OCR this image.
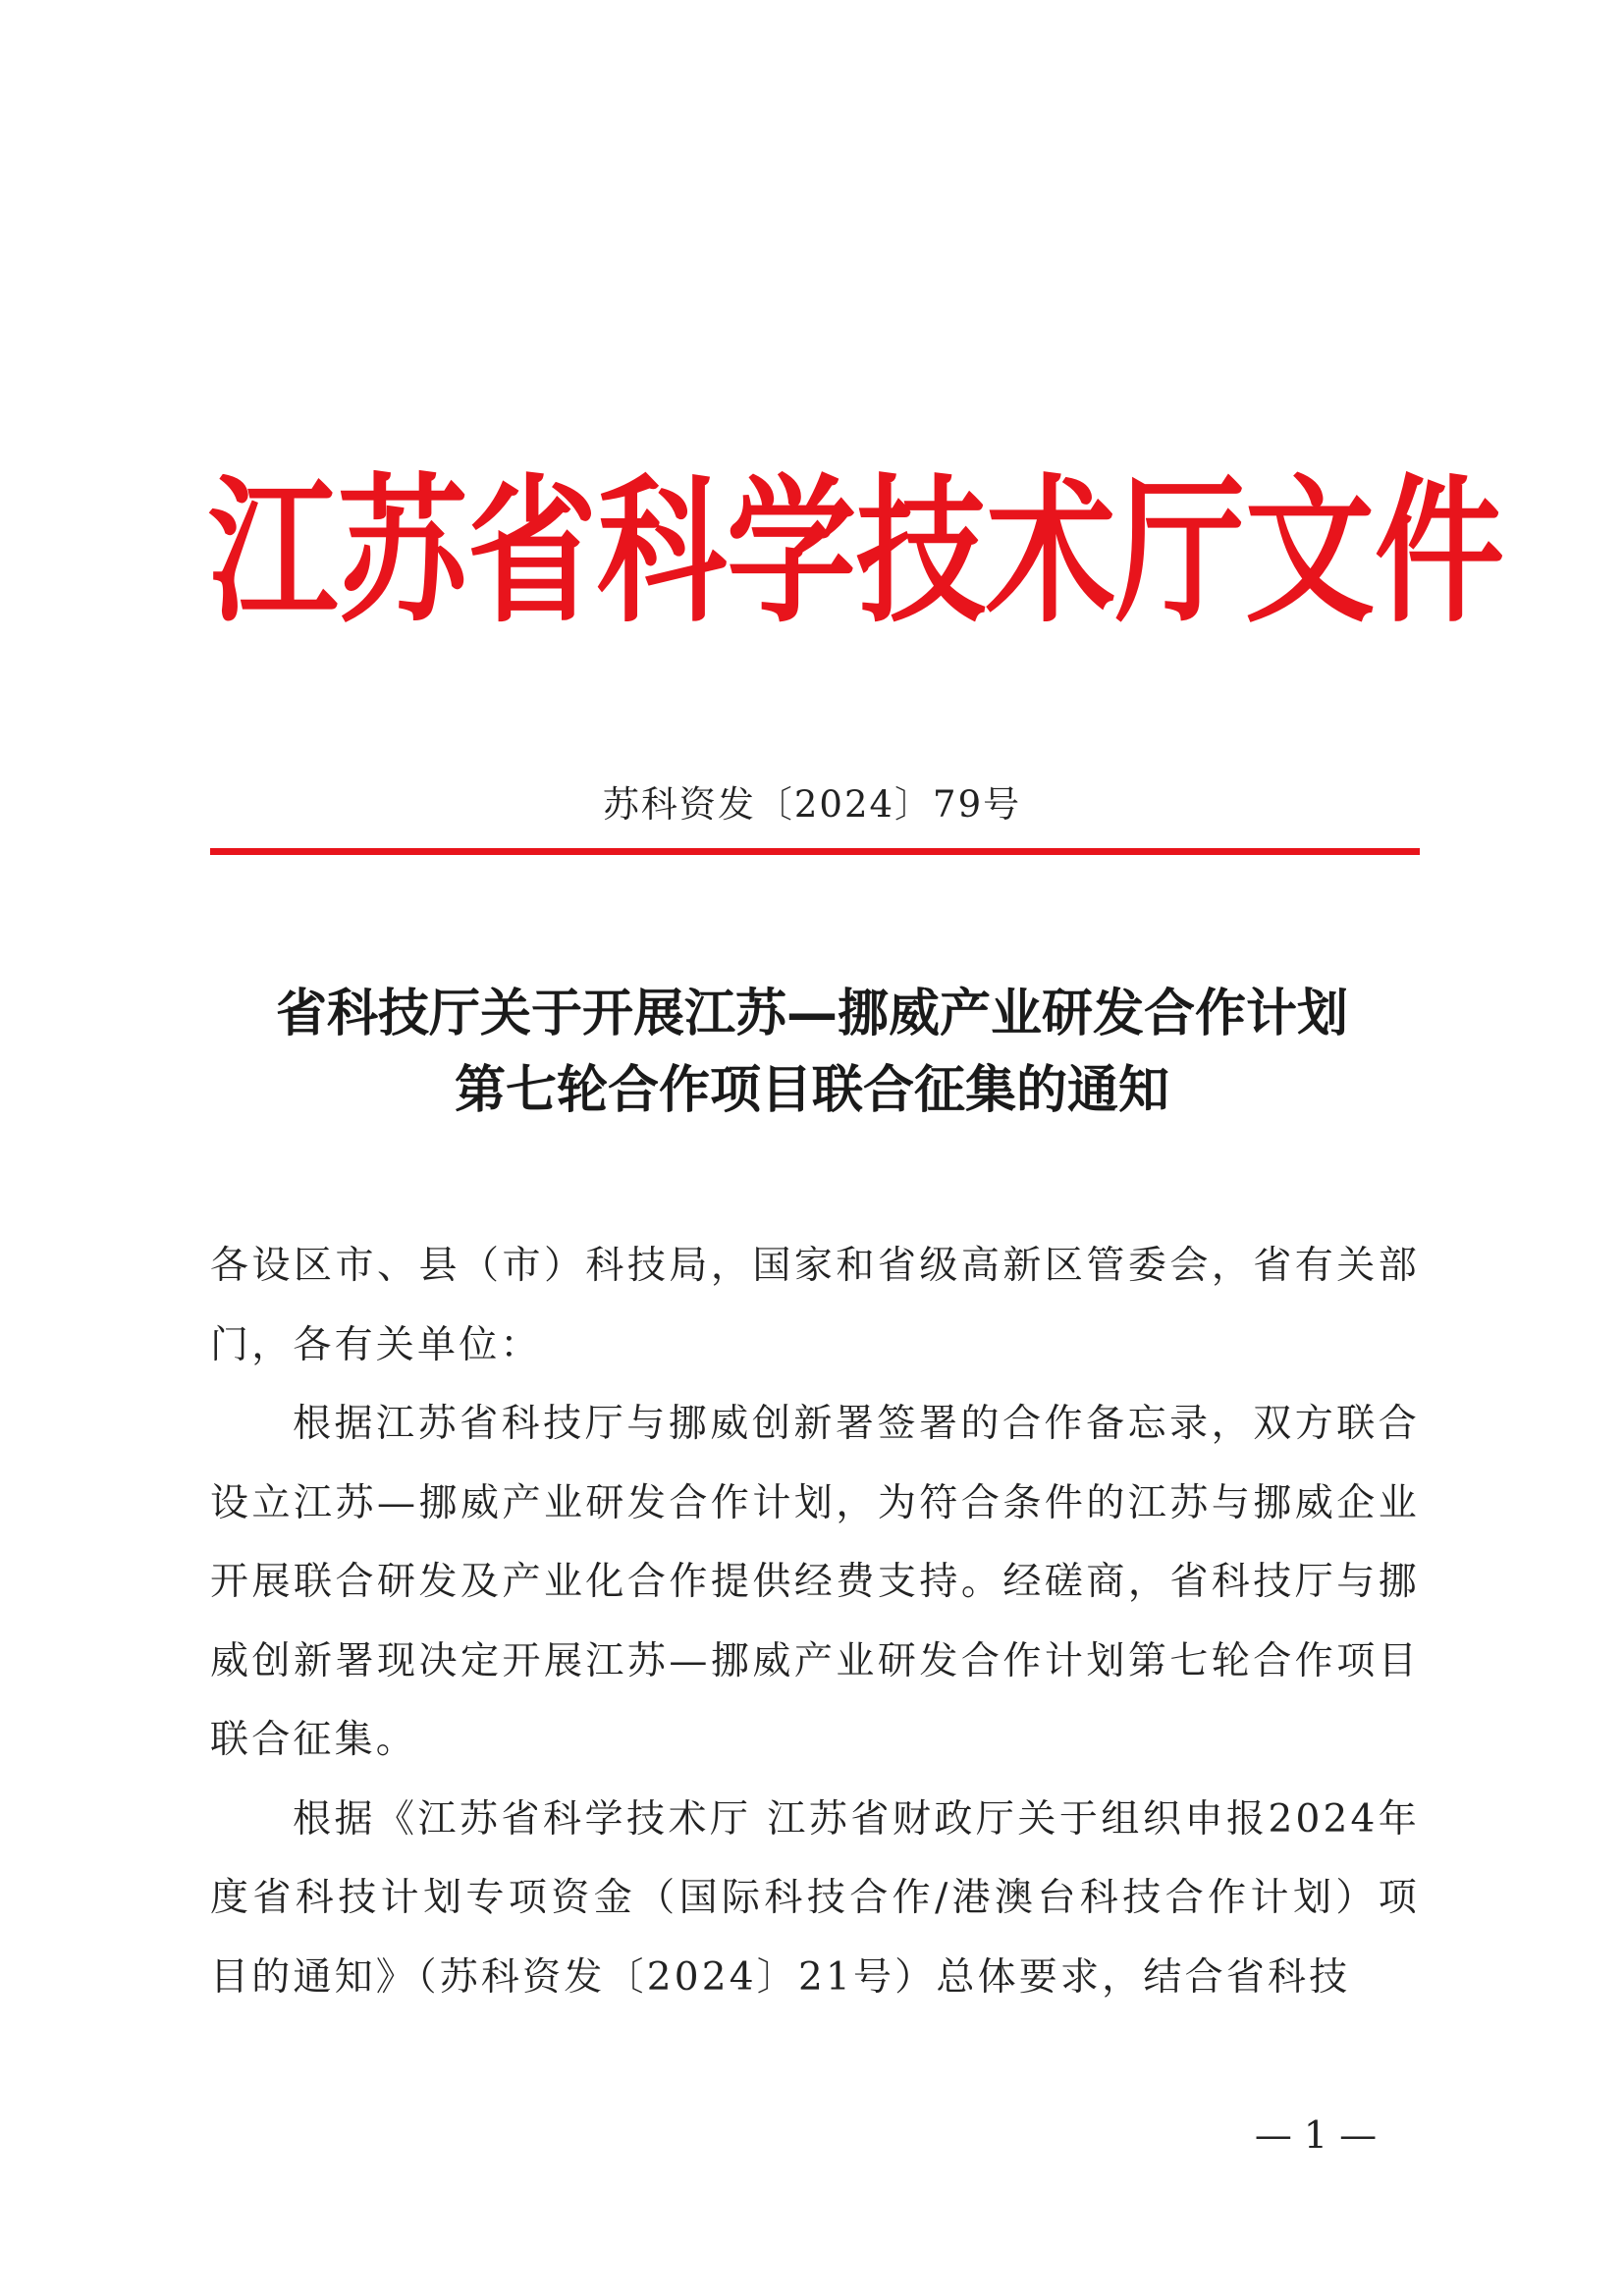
江苏省科学技术厅文件
苏科资发〔2024〕79号
省科技厅关于开展江苏—挪威产业研发合作计划
第七轮合作项目联合征集的通知

各设区市、县（市）科技局，国家和省级高新区管委会，省有关部门，各有关单位：

根据江苏省科技厅与挪威创新署签署的合作备忘录，双方联合设立江苏—挪威产业研发合作计划，为符合条件的江苏与挪威企业开展联合研发及产业化合作提供经费支持。经磋商，省科技厅与挪威创新署现决定开展江苏—挪威产业研发合作计划第七轮合作项目联合征集。

根据《江苏省科学技术厅 江苏省财政厅关于组织申报2024年度省科技计划专项资金（国际科技合作/港澳台科技合作计划）项目的通知》（苏科资发〔2024〕21号）总体要求，结合省科技

— 1 —
